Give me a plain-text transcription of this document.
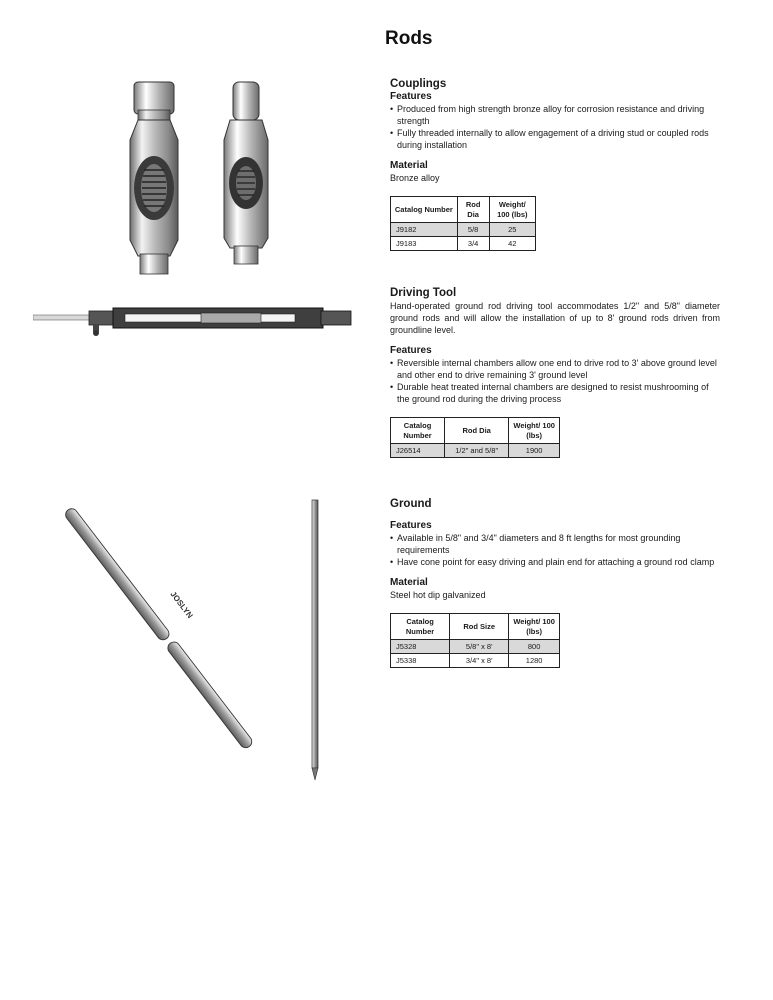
Rods
JOSLYN
Couplings
Features
• Produced from high strength bronze alloy for corrosion resistance and driving strength
• Fully threaded internally to allow engagement of a driving stud or coupled rods during installation
Material
Bronze alloy
Catalog Number	Rod Dia	Weight/ 100 (lbs)
J9182	5/8	25
J9183	3/4	42
Driving Tool
Hand-operated ground rod driving tool accommodates 1/2" and 5/8" diameter ground rods and will allow the installation of up to 8' ground rods driven from groundline level.
Features
• Reversible internal chambers allow one end to drive rod to 3' above ground level and other end to drive remaining 3' ground level
• Durable heat treated internal chambers are designed to resist mushrooming of the ground rod during the driving process
Catalog Number	Rod Dia	Weight/ 100 (lbs)
J26514	1/2" and 5/8"	1900
Ground
Features
• Available in 5/8" and 3/4" diameters and 8 ft lengths for most grounding requirements
• Have cone point for easy driving and plain end for attaching a ground rod clamp
Material
Steel hot dip galvanized
Catalog Number	Rod Size	Weight/ 100 (lbs)
J5328	5/8" x 8'	800
J5338	3/4" x 8'	1280
